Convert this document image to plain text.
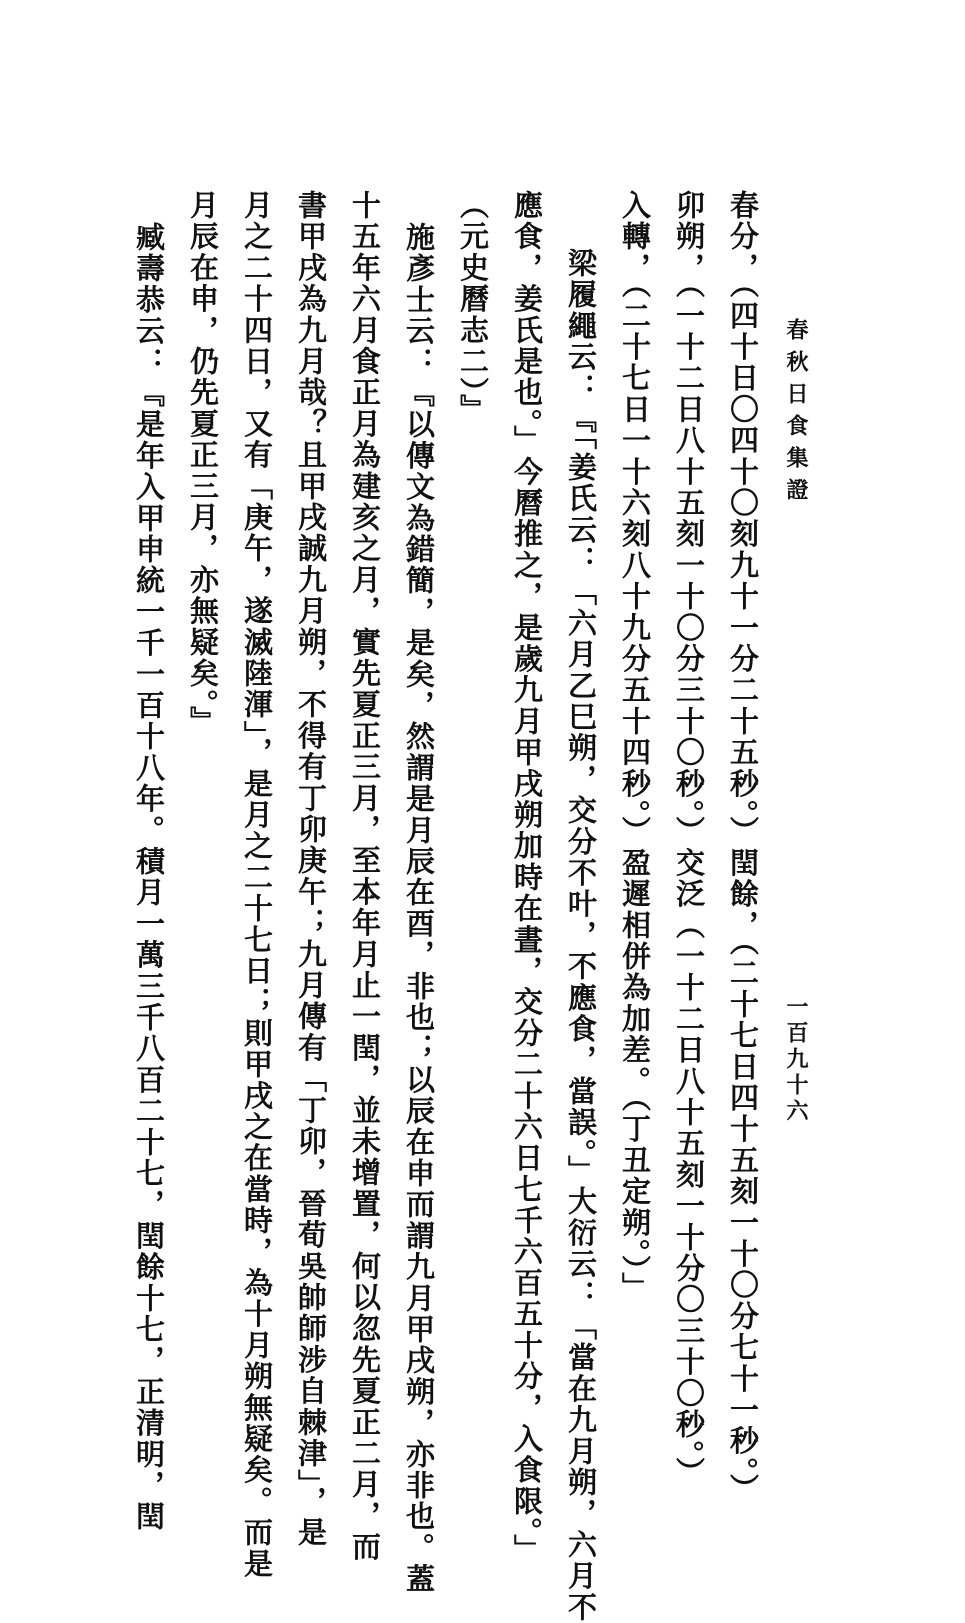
春秋日食集證
一百九十六
春分，（四十日〇四十〇刻九十一分二十五秒。）閏餘，（二十七日四十五刻一十〇分七十一秒。）
卯朔，（一十二日八十五刻一十〇分三十〇秒。）交泛（一十二日八十五刻一十分〇三十〇秒。）
入轉，（二十七日一十六刻八十九分五十四秒。）盈遲相併為加差。（丁丑定朔。）」
梁履繩云：『「姜氏云：「六月乙巳朔，交分不叶，不應食，當誤。」大衍云：「當在九月朔，六月不
應食，姜氏是也。」今曆推之，是歲九月甲戌朔加時在晝，交分二十六日七千六百五十分，入食限。」
（元史曆志二）』
施彥士云：『以傳文為錯簡，是矣，然謂是月辰在酉，非也；以辰在申而謂九月甲戌朔，亦非也。蓋
十五年六月食正月為建亥之月，實先夏正三月，至本年月止一閏，並未增置，何以忽先夏正二月，而
書甲戌為九月哉？且甲戌誠九月朔，不得有丁卯庚午；九月傳有「丁卯，晉荀吳帥師涉自棘津」，是
月之二十四日，又有「庚午，遂滅陸渾」，是月之二十七日；則甲戌之在當時，為十月朔無疑矣。而是
月辰在申，仍先夏正三月，亦無疑矣。』
臧壽恭云：『是年入甲申統一千一百十八年。積月一萬三千八百二十七，閏餘十七，正清明，閏
